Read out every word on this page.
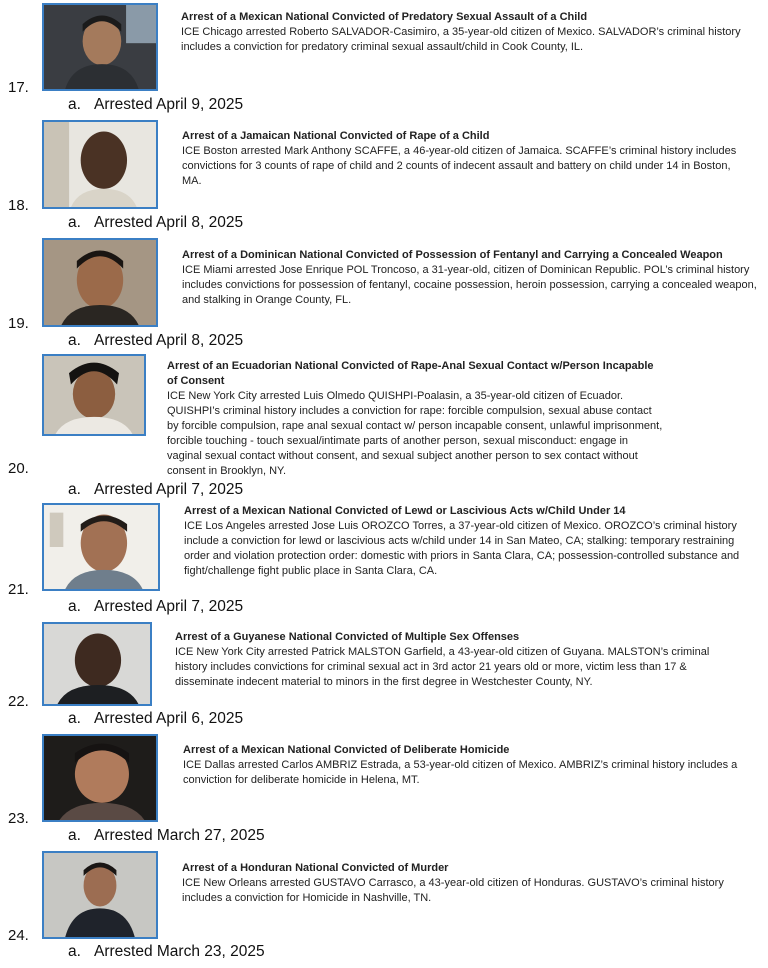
Arrest of a Mexican National Convicted of Predatory Sexual Assault of a Child
ICE Chicago arrested Roberto SALVADOR-Casimiro, a 35-year-old citizen of Mexico. SALVADOR’s criminal history includes a conviction for predatory criminal sexual assault/child in Cook County, IL.
17.
a. Arrested April 9, 2025
Arrest of a Jamaican National Convicted of Rape of a Child
ICE Boston arrested Mark Anthony SCAFFE, a 46-year-old citizen of Jamaica. SCAFFE’s criminal history includes convictions for 3 counts of rape of child and 2 counts of indecent assault and battery on child under 14 in Boston, MA.
18.
a. Arrested April 8, 2025
Arrest of a Dominican National Convicted of Possession of Fentanyl and Carrying a Concealed Weapon
ICE Miami arrested Jose Enrique POL Troncoso, a 31-year-old, citizen of Dominican Republic. POL’s criminal history includes convictions for possession of fentanyl, cocaine possession, heroin possession, carrying a concealed weapon, and stalking in Orange County, FL.
19.
a. Arrested April 8, 2025
Arrest of an Ecuadorian National Convicted of Rape-Anal Sexual Contact w/Person Incapable of Consent
ICE New York City arrested Luis Olmedo QUISHPI-Poalasin, a 35-year-old citizen of Ecuador. QUISHPI’s criminal history includes a conviction for rape: forcible compulsion, sexual abuse contact by forcible compulsion, rape anal sexual contact w/ person incapable consent, unlawful imprisonment, forcible touching - touch sexual/intimate parts of another person, sexual misconduct: engage in vaginal sexual contact without consent, and sexual subject another person to sex contact without consent in Brooklyn, NY.
20.
a. Arrested April 7, 2025
Arrest of a Mexican National Convicted of Lewd or Lascivious Acts w/Child Under 14
ICE Los Angeles arrested Jose Luis OROZCO Torres, a 37-year-old citizen of Mexico. OROZCO’s criminal history include a conviction for lewd or lascivious acts w/child under 14 in San Mateo, CA; stalking: temporary restraining order and violation protection order: domestic with priors in Santa Clara, CA; possession-controlled substance and fight/challenge fight public place in Santa Clara, CA.
21.
a. Arrested April 7, 2025
Arrest of a Guyanese National Convicted of Multiple Sex Offenses
ICE New York City arrested Patrick MALSTON Garfield, a 43-year-old citizen of Guyana. MALSTON’s criminal history includes convictions for criminal sexual act in 3rd actor 21 years old or more, victim less than 17 & disseminate indecent material to minors in the first degree in Westchester County, NY.
22.
a. Arrested April 6, 2025
Arrest of a Mexican National Convicted of Deliberate Homicide
ICE Dallas arrested Carlos AMBRIZ Estrada, a 53-year-old citizen of Mexico. AMBRIZ’s criminal history includes a conviction for deliberate homicide in Helena, MT.
23.
a. Arrested March 27, 2025
Arrest of a Honduran National Convicted of Murder
ICE New Orleans arrested GUSTAVO Carrasco, a 43-year-old citizen of Honduras. GUSTAVO’s criminal history includes a conviction for Homicide in Nashville, TN.
24.
a. Arrested March 23, 2025
